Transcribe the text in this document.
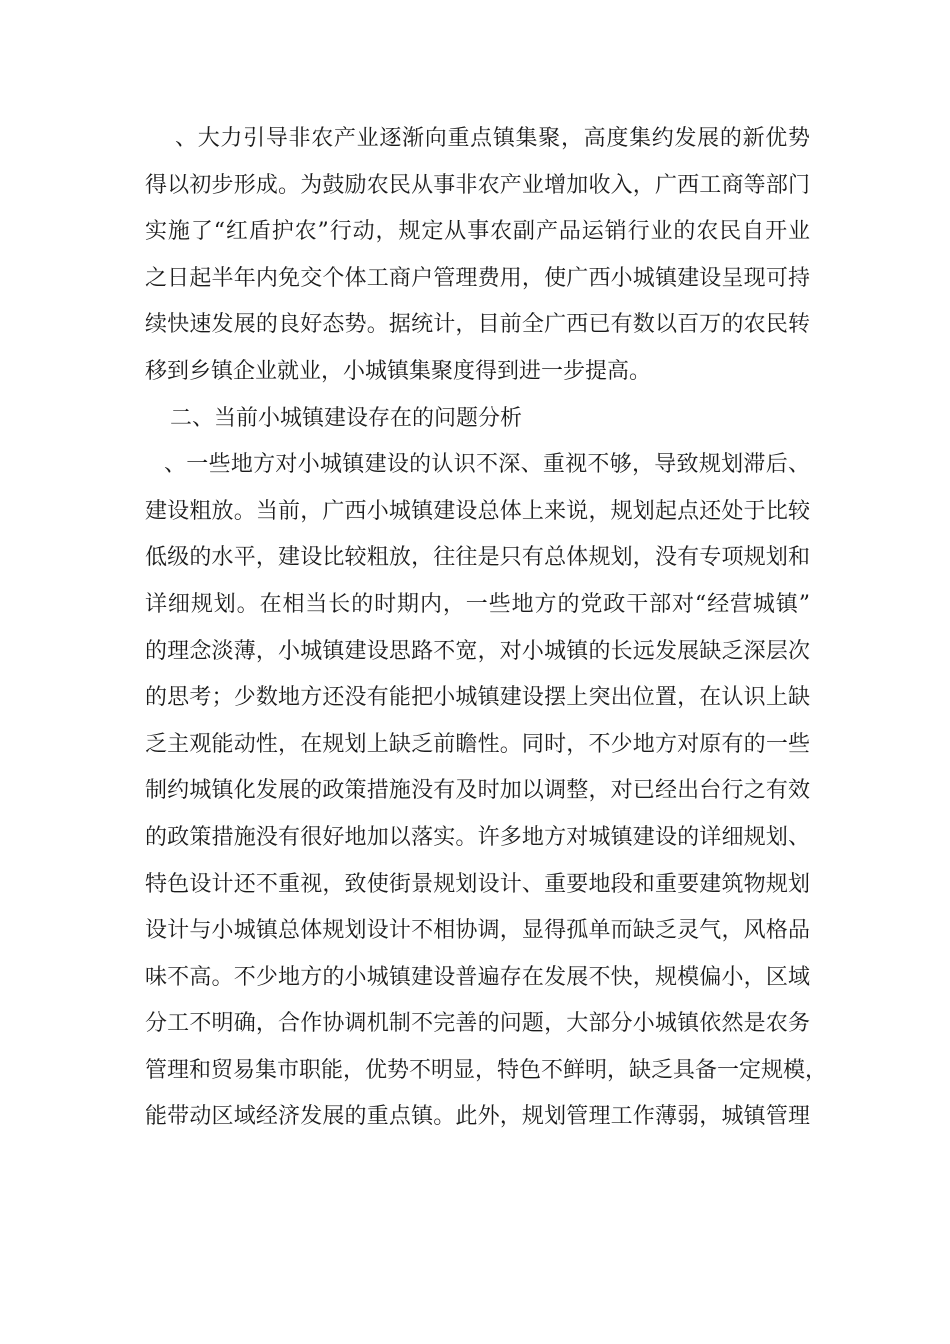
、大力引导非农产业逐渐向重点镇集聚，高度集约发展的新优势
得以初步形成。为鼓励农民从事非农产业增加收入，广西工商等部门
实施了“红盾护农”行动，规定从事农副产品运销行业的农民自开业
之日起半年内免交个体工商户管理费用，使广西小城镇建设呈现可持
续快速发展的良好态势。据统计，目前全广西已有数以百万的农民转
移到乡镇企业就业，小城镇集聚度得到进一步提高。
二、当前小城镇建设存在的问题分析
、一些地方对小城镇建设的认识不深、重视不够，导致规划滞后、
建设粗放。当前，广西小城镇建设总体上来说，规划起点还处于比较
低级的水平，建设比较粗放，往往是只有总体规划，没有专项规划和
详细规划。在相当长的时期内，一些地方的党政干部对“经营城镇”
的理念淡薄，小城镇建设思路不宽，对小城镇的长远发展缺乏深层次
的思考；少数地方还没有能把小城镇建设摆上突出位置，在认识上缺
乏主观能动性，在规划上缺乏前瞻性。同时，不少地方对原有的一些
制约城镇化发展的政策措施没有及时加以调整，对已经出台行之有效
的政策措施没有很好地加以落实。许多地方对城镇建设的详细规划、
特色设计还不重视，致使街景规划设计、重要地段和重要建筑物规划
设计与小城镇总体规划设计不相协调，显得孤单而缺乏灵气，风格品
味不高。不少地方的小城镇建设普遍存在发展不快，规模偏小，区域
分工不明确，合作协调机制不完善的问题，大部分小城镇依然是农务
管理和贸易集市职能，优势不明显，特色不鲜明，缺乏具备一定规模，
能带动区域经济发展的重点镇。此外，规划管理工作薄弱，城镇管理
